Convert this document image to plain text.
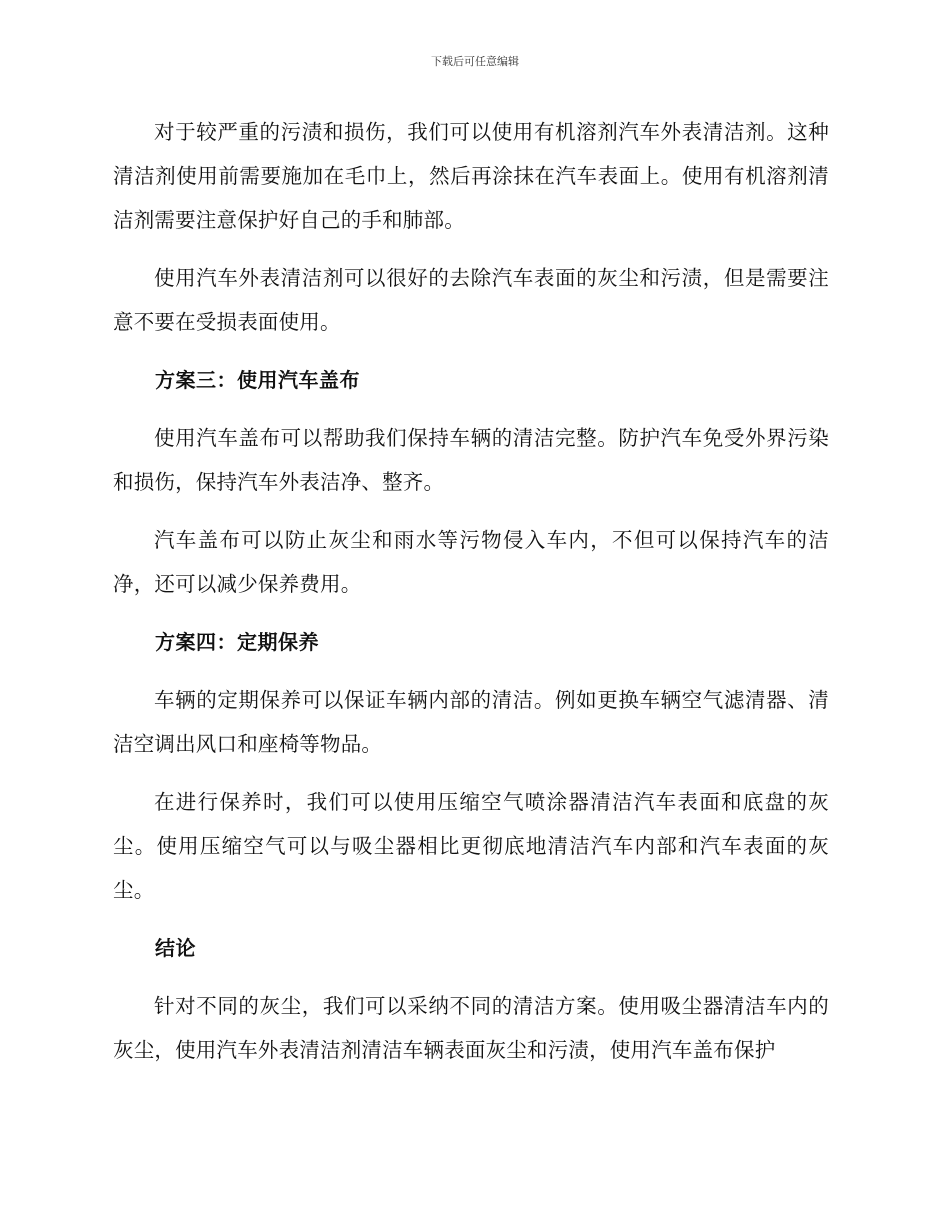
下载后可任意编辑

对于较严重的污渍和损伤，我们可以使用有机溶剂汽车外表清洁剂。这种清洁剂使用前需要施加在毛巾上，然后再涂抹在汽车表面上。使用有机溶剂清洁剂需要注意保护好自己的手和肺部。

使用汽车外表清洁剂可以很好的去除汽车表面的灰尘和污渍，但是需要注意不要在受损表面使用。

方案三：使用汽车盖布

使用汽车盖布可以帮助我们保持车辆的清洁完整。防护汽车免受外界污染和损伤，保持汽车外表洁净、整齐。

汽车盖布可以防止灰尘和雨水等污物侵入车内，不但可以保持汽车的洁净，还可以减少保养费用。

方案四：定期保养

车辆的定期保养可以保证车辆内部的清洁。例如更换车辆空气滤清器、清洁空调出风口和座椅等物品。

在进行保养时，我们可以使用压缩空气喷涂器清洁汽车表面和底盘的灰尘。使用压缩空气可以与吸尘器相比更彻底地清洁汽车内部和汽车表面的灰尘。

结论

针对不同的灰尘，我们可以采纳不同的清洁方案。使用吸尘器清洁车内的灰尘，使用汽车外表清洁剂清洁车辆表面灰尘和污渍，使用汽车盖布保护
